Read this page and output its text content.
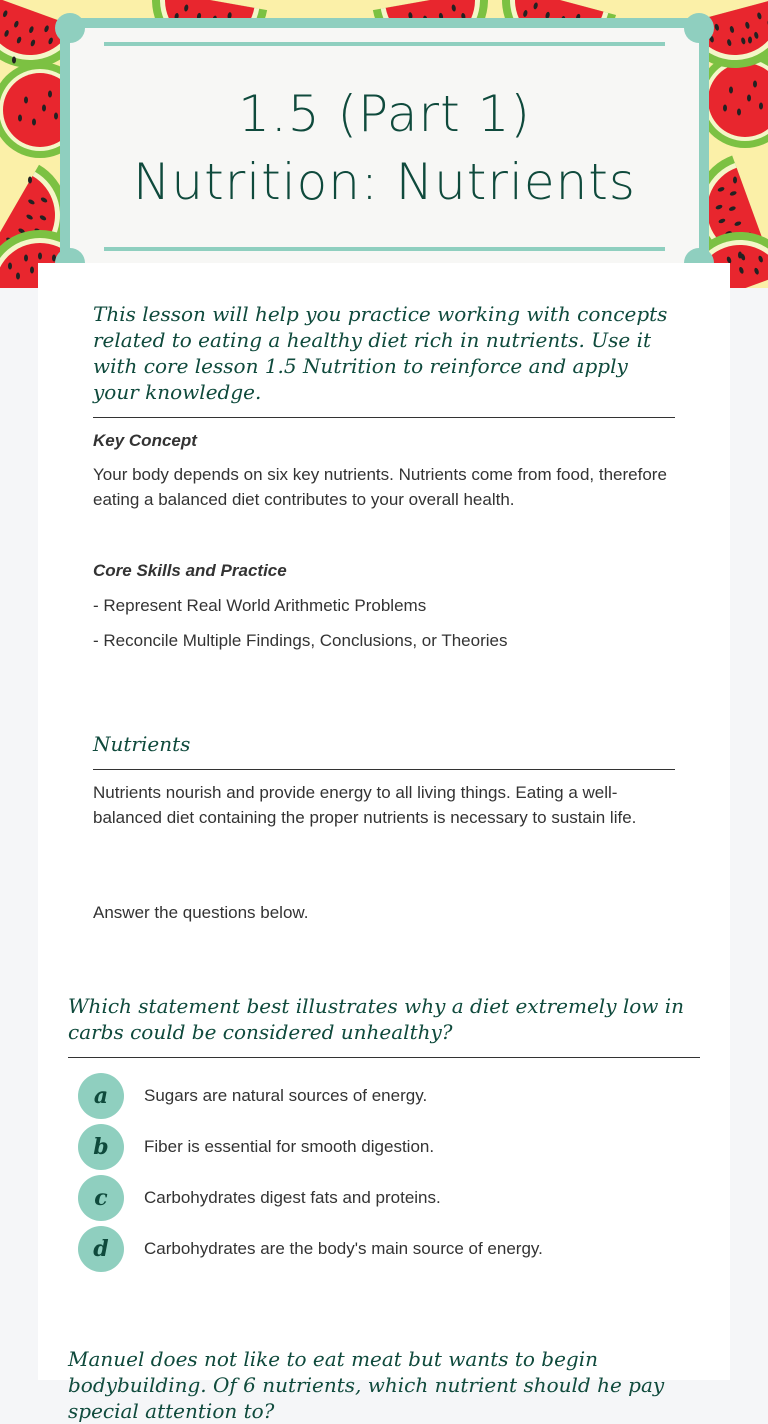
1.5 (Part 1)
Nutrition: Nutrients
This lesson will help you practice working with concepts related to eating a healthy diet rich in nutrients. Use it with core lesson 1.5 Nutrition to reinforce and apply your knowledge.

Key Concept

Your body depends on six key nutrients. Nutrients come from food, therefore eating a balanced diet contributes to your overall health.

Core Skills and Practice

- Represent Real World Arithmetic Problems

- Reconcile Multiple Findings, Conclusions, or Theories

Nutrients

Nutrients nourish and provide energy to all living things. Eating a well-balanced diet containing the proper nutrients is necessary to sustain life.

Answer the questions below.

Which statement best illustrates why a diet extremely low in carbs could be considered unhealthy?
a	Sugars are natural sources of energy.
b	Fiber is essential for smooth digestion.
c	Carbohydrates digest fats and proteins.
d	Carbohydrates are the body's main source of energy.
Manuel does not like to eat meat but wants to begin bodybuilding. Of 6 nutrients, which nutrient should he pay special attention to?
